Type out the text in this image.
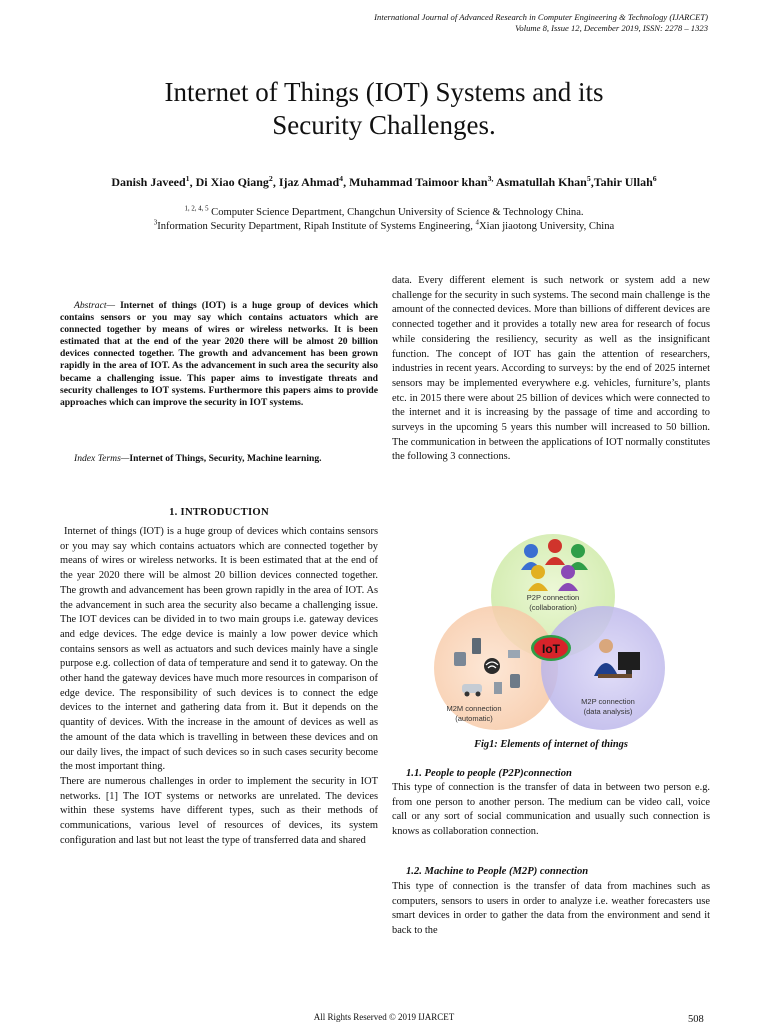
International Journal of Advanced Research in Computer Engineering & Technology (IJARCET)
Volume 8, Issue 12, December 2019, ISSN: 2278 – 1323
Internet of Things (IOT) Systems and its
Security Challenges.
Danish Javeed$^1$, Di Xiao Qiang$^2$, Ijaz Ahmad$^4$, Muhammad Taimoor khan$^{3,}$ Asmatullah Khan$^5$,Tahir Ullah$^6$
$^{1, 2, 4, 5}$ Computer Science Department, Changchun University of Science & Technology China.
$^3$Information Security Department, Ripah Institute of Systems Engineering, $^4$Xian jiaotong University, China
Abstract— Internet of things (IOT) is a huge group of devices which contains sensors or you may say which contains actuators which are connected together by means of wires or wireless networks. It is been estimated that at the end of the year 2020 there will be almost 20 billion devices connected together. The growth and advancement has been grown rapidly in the area of IOT. As the advancement in such area the security also became a challenging issue. This paper aims to investigate threats and security challenges to IOT systems. Furthermore this papers aims to provide approaches which can improve the security in IOT systems.
Index Terms—Internet of Things, Security, Machine learning.
1. INTRODUCTION

Internet of things (IOT) is a huge group of devices which contains sensors or you may say which contains actuators which are connected together by means of wires or wireless networks. It is been estimated that at the end of the year 2020 there will be almost 20 billion devices connected together. The growth and advancement has been grown rapidly in the area of IOT. As the advancement in such area the security also became a challenging issue. The IOT devices can be divided in to two main groups i.e. gateway devices and edge devices. The edge device is mainly a low power device which contains sensors as well as actuators and such devices mainly have a single purpose e.g. collection of data of temperature and send it to gateway. On the other hand the gateway devices have much more resources in comparison of edge device. The responsibility of such devices is to connect the edge devices to the internet and gathering data from it. But it depends on the quantity of devices. With the increase in the amount of devices as well as the amount of the data which is travelling in between these devices and on our daily lives, the impact of such devices so in such cases security become the most important thing.

There are numerous challenges in order to implement the security in IOT networks. [1] The IOT systems or networks are unrelated. The devices within these systems have different types, such as their methods of communications, various level of resources of devices, its system configuration and last but not least the type of transferred data and shared

data. Every different element is such network or system add a new challenge for the security in such systems. The second main challenge is the amount of the connected devices. More than billions of different devices are connected together and it provides a totally new area for research of focus while considering the resiliency, security as well as the insignificant function. The concept of IOT has gain the attention of researchers, industries in recent years. According to surveys: by the end of 2025 internet sensors may be implemented everywhere e.g. vehicles, furniture’s, plants etc. in 2015 there were about 25 billion of devices which were connected to the internet and it is increasing by the passage of time and according to surveys in the upcoming 5 years this number will increased to 50 billion. The communication in between the applications of IOT normally constitutes the following 3 connections.
P2P connection
(collaboration)
M2M connection
(automatic)
M2P connection
(data analysis)
IoT
Fig1: Elements of internet of things
1.1. People to people (P2P)connection
This type of connection is the transfer of data in between two person e.g. from one person to another person. The medium can be video call, voice call or any sort of social communication and usually such connection is knows as collaboration connection.
1.2. Machine to People (M2P) connection
This type of connection is the transfer of data from machines such as computers, sensors to users in order to analyze i.e. weather forecasters use smart devices in order to gather the data from the environment and send it back to the
All Rights Reserved © 2019 IJARCET	508
